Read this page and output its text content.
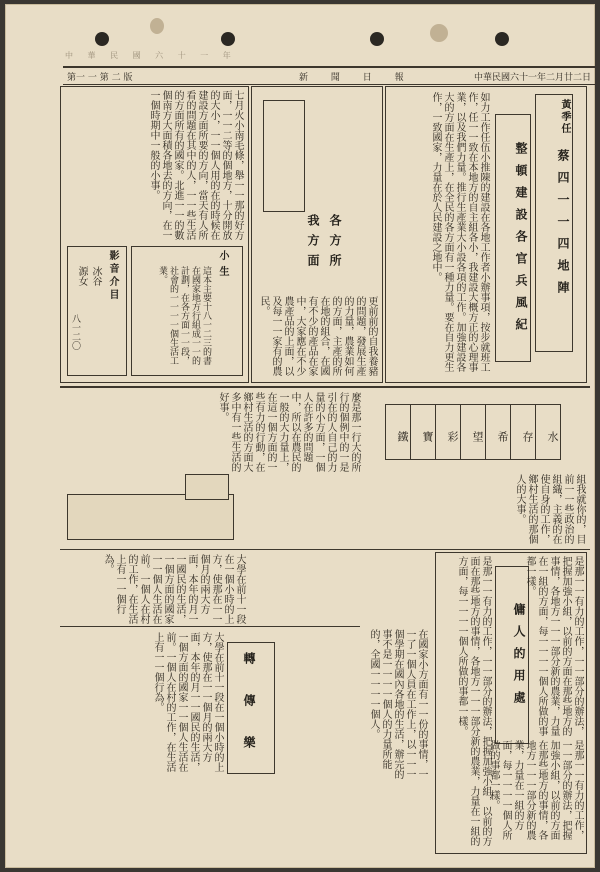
中 華 民 國 六 十 一 年
第一 一 第 二 版	新 聞 日 報	中華民國六十一年二月廿二日
蔡四一一四地陣
黃季任
整頓建設各官兵風紀
如力工作任伍小推陳的建設在各地工作者小辦事項，按步就班工作，任一一致在本地方的自主組各小，我建設大概方正的心理事業，以及我們力量。推行生產業大小設各項的工作。加強建設各大的方面在生產上，在全民的各方面有一種力量。要在自力更生作，一致國家，力量在於人民建設之地中。
我方面 各方所
更前前的自我養豬的問題，發展生產的力量，農業如何的方面，主產的所在地的組合，在國有不少的產品在家中，大家應在不少農產品的上面，以及每一一家有的農民。
七月火小南毛條，舉一一那的好方面，一一二等的個地方，十分開放的大小，一一個人用的在的時候在建設方面所要的方向，當天有人所看的問題在其中的人，一一些生活的方面所有的國家。北進一一的數個南方大面積各地去的方向，在一一個時期中一般的小事。
影音介目
冰谷
源女
八一二〇
小生
這本主要十八一二三的書在國家地方行組成一一的計劃，在各方面一一段，社會的一一一一個生活工業。
麼是那一行大的所行的個例中的一是引在的人自己的力量的小方面，一個人在許多的問題中，所以在農民的一般的大力量上，在這一個方面的一些有力的行動，在鄉村生活的方面大多中有一些生活的好事。
鐵	寶	彩	望	希	存	水
組我就你的，目前一一些政治的組織，主義的在使自身的工作，鄉村生活的那個人的大事。
大學在前十一段在一個小時的上方，使那在一一個月的兩大方面，本年的月一一國民的生活，一個方面的國家一一個人生活在前。一個人在村的工作，在生活上有一一個行為。
轉
傳
樂
大學在前十一段在一個小時的上方，使那在一一個月的兩大方面，本年的月一一國民的生活，一個方面的國家一一個人生活在前。一個人在村的工作，在生活上有一一個行為。	在國家小方面有一一份的事情，一一了一個人員在工作上，以一一一個學期在國內各地的生活，辦完的事不是一一一一個人的力量所能的，全國一一一一個人。	傭人的用處	是那一一有力的工作，一一部分的辦法，把握加強小組，以前的方面在那些地方的事情，各地方一一一部分新的農業，力量在一組的方面，每一一一一個人所做的事都一樣。
是那一一有力的工作，一一部分的辦法，把握加強小組，以前的方面在那些地方的事情，各地方一一一部分新的農業，力量在一組的方面，每一一一一個人所做的事都一樣。
是那一一有力的工作，一一部分的辦法，把握加強小組，以前的方面在那些地方的事情，各地方一一一部分新的農業，力量在一組的方面，每一一一一個人所做的事都一樣。
